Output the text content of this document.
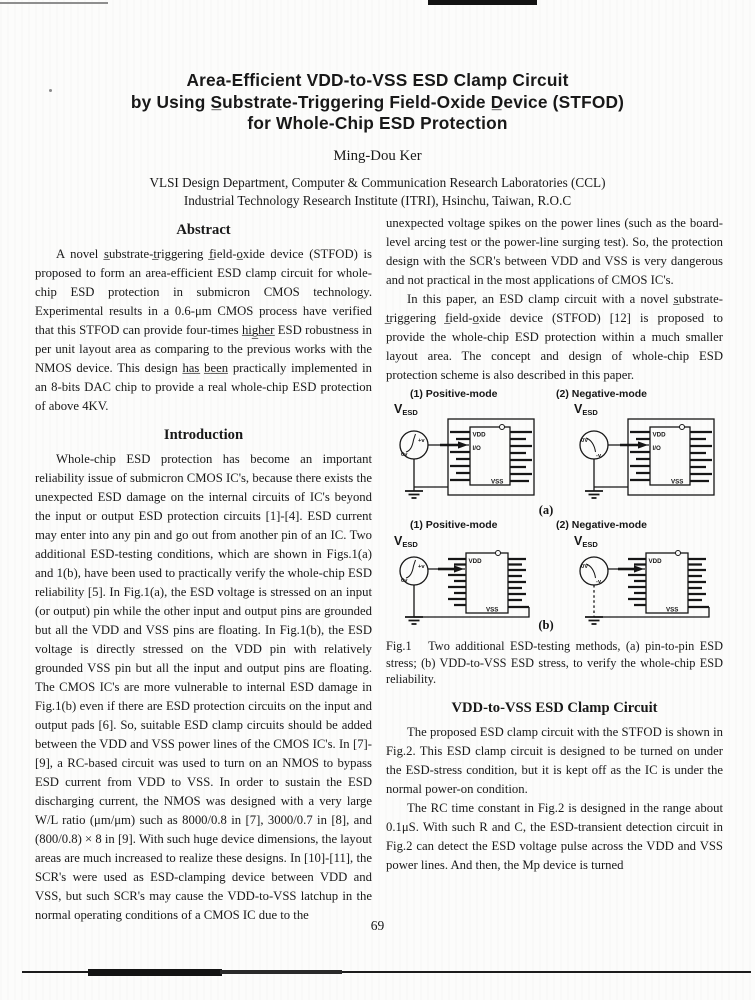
Area-Efficient VDD-to-VSS ESD Clamp Circuit
by Using S̲ubstrate-Triggering Field-Oxide D̲evice (STFOD)
for Whole-Chip ESD Protection
Ming-Dou Ker
VLSI Design Department, Computer & Communication Research Laboratories (CCL)
Industrial Technology Research Institute (ITRI), Hsinchu, Taiwan, R.O.C
Abstract

A novel s̲ubstrate-t̲riggering f̲ield-o̲xide device (STFOD) is proposed to form an area-efficient ESD clamp circuit for whole-chip ESD protection in submicron CMOS technology. Experimental results in a 0.6-μm CMOS process have verified that this STFOD can provide four-times h̲i̲g̲h̲e̲r̲ ESD robustness in per unit layout area as comparing to the previous works with the NMOS device. This design h̲a̲s̲ b̲e̲e̲n̲ practically implemented in an 8-bits DAC chip to provide a real whole-chip ESD protection of above 4KV.

Introduction

Whole-chip ESD protection has become an important reliability issue of submicron CMOS IC's, because there exists the unexpected ESD damage on the internal circuits of IC's beyond the input or output ESD protection circuits [1]-[4]. ESD current may enter into any pin and go out from another pin of an IC. Two additional ESD-testing conditions, which are shown in Figs.1(a) and 1(b), have been used to practically verify the whole-chip ESD reliability [5]. In Fig.1(a), the ESD voltage is stressed on an input (or output) pin while the other input and output pins are grounded but all the VDD and VSS pins are floating. In Fig.1(b), the ESD voltage is directly stressed on the VDD pin with relatively grounded VSS pin but all the input and output pins are floating. The CMOS IC's are more vulnerable to internal ESD damage in Fig.1(b) even if there are ESD protection circuits on the input and output pads [6]. So, suitable ESD clamp circuits should be added between the VDD and VSS power lines of the CMOS IC's. In [7]-[9], a RC-based circuit was used to turn on an NMOS to bypass ESD current from VDD to VSS. In order to sustain the ESD discharging current, the NMOS was designed with a very large W/L ratio (μm/μm) such as 8000/0.8 in [7], 3000/0.7 in [8], and (800/0.8) × 8 in [9]. With such huge device dimensions, the layout areas are much increased to realize these designs. In [10]-[11], the SCR's were used as ESD-clamping device between VDD and VSS, but such SCR's may cause the VDD-to-VSS latchup in the normal operating conditions of a CMOS IC due to the

unexpected voltage spikes on the power lines (such as the board-level arcing test or the power-line surging test). So, the protection design with the SCR's between VDD and VSS is very dangerous and not practical in the most applications of CMOS IC's.

In this paper, an ESD clamp circuit with a novel s̲ubstrate-t̲riggering f̲ield-o̲xide device (STFOD) [12] is proposed to provide the whole-chip ESD protection within a much smaller layout area. The concept and design of whole-chip ESD protection scheme is also described in this paper.

(1) Positive-mode	(2) Negative-mode
VESD
+v
0v
VDD
I/O
VSS
VESD
0V
-v
VDD
I/O
VSS
(a)
(1) Positive-mode	(2) Negative-mode
VESD
+v
0v
VDD
VSS
VESD
0V
-v
VDD
VSS
(b)

Fig.1   Two additional ESD-testing methods, (a) pin-to-pin ESD stress; (b) VDD-to-VSS ESD stress, to verify the whole-chip ESD reliability.

VDD-to-VSS ESD Clamp Circuit

The proposed ESD clamp circuit with the STFOD is shown in Fig.2. This ESD clamp circuit is designed to be turned on under the ESD-stress condition, but it is kept off as the IC is under the normal power-on condition.

The RC time constant in Fig.2 is designed in the range about 0.1μS. With such R and C, the ESD-transient detection circuit in Fig.2 can detect the ESD voltage pulse across the VDD and VSS power lines. And then, the Mp device is turned

69
